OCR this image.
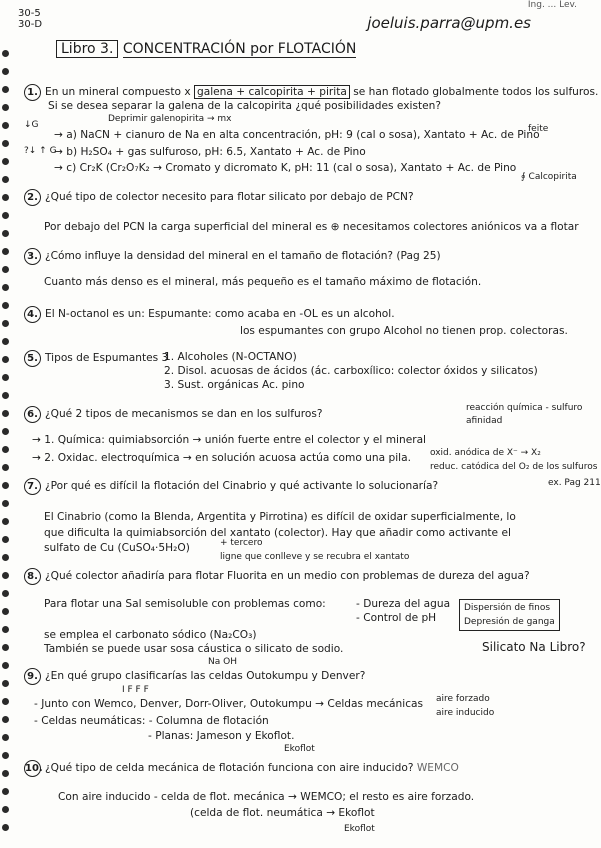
30-5
30-D
Ing. ... Lev.
joeluis.parra@upm.es
Libro 3. CONCENTRACIÓN por FLOTACIÓN
1. En un mineral compuesto x galena + calcopirita + pirita se han flotado globalmente todos los sulfuros.
Si se desea separar la galena de la calcopirita ¿qué posibilidades existen?
Deprimir galenopirita → mx
feite
↓G
?↓ ↑ G
→ a) NaCN + cianuro de Na en alta concentración, pH: 9 (cal o sosa), Xantato + Ac. de Pino
→ b) H₂SO₄ + gas sulfuroso, pH: 6.5, Xantato + Ac. de Pino
→ c) Cr₂K (Cr₂O₇K₂ → Cromato y dicromato K, pH: 11 (cal o sosa), Xantato + Ac. de Pino
∮ Calcopirita
2. ¿Qué tipo de colector necesito para flotar silicato por debajo de PCN?
Por debajo del PCN la carga superficial del mineral es ⊕ necesitamos colectores aniónicos va a flotar
3. ¿Cómo influye la densidad del mineral en el tamaño de flotación? (Pag 25)
Cuanto más denso es el mineral, más pequeño es el tamaño máximo de flotación.
4. El N-octanol es un: Espumante: como acaba en -OL es un alcohol.
los espumantes con grupo Alcohol no tienen prop. colectoras.
5. Tipos de Espumantes 3
1. Alcoholes (N-OCTANO)
2. Disol. acuosas de ácidos (ác. carboxílico: colector óxidos y silicatos)
3. Sust. orgánicas Ac. pino
6. ¿Qué 2 tipos de mecanismos se dan en los sulfuros?
→ 1. Química: quimiabsorción → unión fuerte entre el colector y el mineral
→ 2. Oxidac. electroquímica → en solución acuosa actúa como una pila.
reacción química - sulfuro
afinidad
oxid. anódica de X⁻ → X₂
reduc. catódica del O₂ de los sulfuros
ex. Pag 211
7. ¿Por qué es difícil la flotación del Cinabrio y qué activante lo solucionaría?
El Cinabrio (como la Blenda, Argentita y Pirrotina) es difícil de oxidar superficialmente, lo
que dificulta la quimiabsorción del xantato (colector). Hay que añadir como activante el
sulfato de Cu (CuSO₄·5H₂O)	+ tercero
ligne que conlleve y se recubra el xantato
8. ¿Qué colector añadiría para flotar Fluorita en un medio con problemas de dureza del agua?
Para flotar una Sal semisoluble con problemas como:	- Dureza del agua
- Control de pH
Dispersión de finos
Depresión de ganga
se emplea el carbonato sódico (Na₂CO₃)
También se puede usar sosa cáustica o silicato de sodio.
Na OH
Silicato Na Libro?
9. ¿En qué grupo clasificarías las celdas Outokumpu y Denver?
I F F F
- Junto con Wemco, Denver, Dorr-Oliver, Outokumpu → Celdas mecánicas aire forzado
aire inducido
- Celdas neumáticas: - Columna de flotación
- Planas: Jameson y Ekoflot.
Ekoflot
10. ¿Qué tipo de celda mecánica de flotación funciona con aire inducido? WEMCO
Con aire inducido - celda de flot. mecánica → WEMCO; el resto es aire forzado.
(celda de flot. neumática → Ekoflot
Ekoflot
